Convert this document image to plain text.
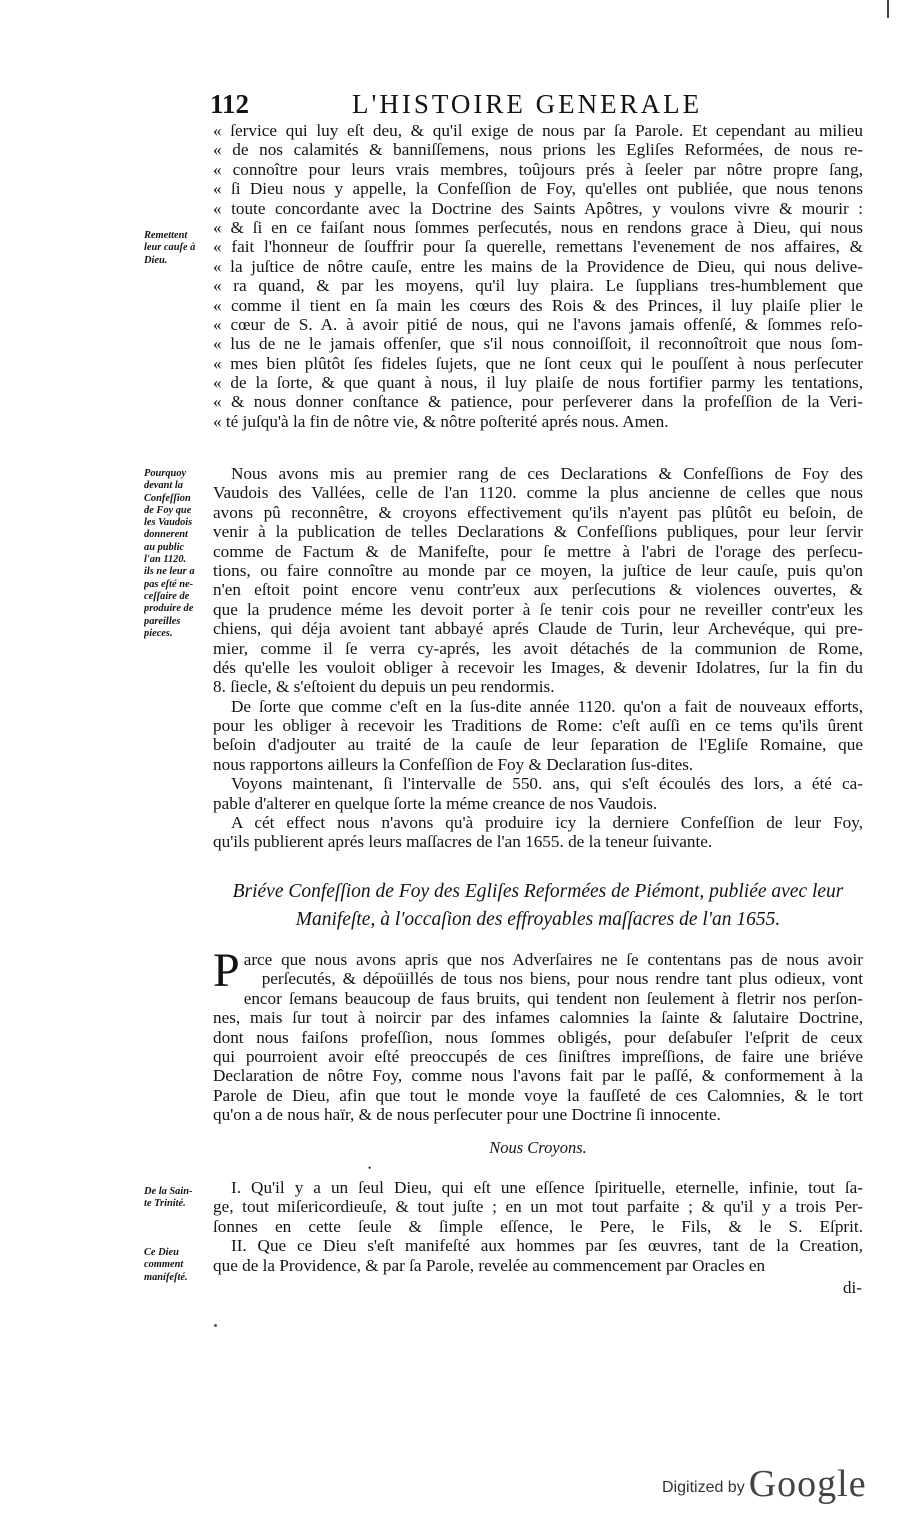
112	L'HISTOIRE GENERALE
« ſervice qui luy eſt deu, & qu'il exige de nous par ſa Parole. Et cependant au milieu
« de nos calamités & banniſſemens, nous prions les Egliſes Reformées, de nous re-
« connoître pour leurs vrais membres, toûjours prés à ſeeler par nôtre propre ſang,
« ſi Dieu nous y appelle, la Confeſſion de Foy, qu'elles ont publiée, que nous tenons
« toute concordante avec la Doctrine des Saints Apôtres, y voulons vivre & mourir :
« & ſi en ce faiſant nous ſommes perſecutés, nous en rendons grace à Dieu, qui nous
« fait l'honneur de ſouffrir pour ſa querelle, remettans l'evenement de nos affaires, &
« la juſtice de nôtre cauſe, entre les mains de la Providence de Dieu, qui nous delive-
« ra quand, & par les moyens, qu'il luy plaira. Le ſupplians tres-humblement que
« comme il tient en ſa main les cœurs des Rois & des Princes, il luy plaiſe plier le
« cœur de S. A. à avoir pitié de nous, qui ne l'avons jamais offenſé, & ſommes reſo-
« lus de ne le jamais offenſer, que s'il nous connoiſſoit, il reconnoîtroit que nous ſom-
« mes bien plûtôt ſes fideles ſujets, que ne ſont ceux qui le pouſſent à nous perſecuter
« de la ſorte, & que quant à nous, il luy plaiſe de nous fortifier parmy les tentations,
« & nous donner conſtance & patience, pour perſeverer dans la profeſſion de la Veri-
« té juſqu'à la fin de nôtre vie, & nôtre poſterité aprés nous. Amen.
Remettent
leur cauſe à
Dieu.
Pourquoy
devant la
Confeſſion
de Foy que
les Vaudois
donnerent
au public
l'an 1120.
ils ne leur a
pas eſté ne-
ceſſaire de
produire de
pareilles
pieces.
De la Sain-
te Trinité.
Ce Dieu
comment
manifeſté.
Nous avons mis au premier rang de ces Declarations & Confeſſions de Foy des
Vaudois des Vallées, celle de l'an 1120. comme la plus ancienne de celles que nous
avons pû reconnêtre, & croyons effectivement qu'ils n'ayent pas plûtôt eu beſoin, de
venir à la publication de telles Declarations & Confeſſions publiques, pour leur ſervir
comme de Factum & de Manifeſte, pour ſe mettre à l'abri de l'orage des perſecu-
tions, ou faire connoître au monde par ce moyen, la juſtice de leur cauſe, puis qu'on
n'en eſtoit point encore venu contr'eux aux perſecutions & violences ouvertes, &
que la prudence méme les devoit porter à ſe tenir cois pour ne reveiller contr'eux les
chiens, qui déja avoient tant abbayé aprés Claude de Turin, leur Archevéque, qui pre-
mier, comme il ſe verra cy-aprés, les avoit détachés de la communion de Rome,
dés qu'elle les vouloit obliger à recevoir les Images, & devenir Idolatres, ſur la fin du
8. ſiecle, & s'eſtoient du depuis un peu rendormis.
De ſorte que comme c'eſt en la ſus-dite année 1120. qu'on a fait de nouveaux efforts,
pour les obliger à recevoir les Traditions de Rome: c'eſt auſſi en ce tems qu'ils ûrent
beſoin d'adjouter au traité de la cauſe de leur ſeparation de l'Egliſe Romaine, que
nous rapportons ailleurs la Confeſſion de Foy & Declaration ſus-dites.
Voyons maintenant, ſi l'intervalle de 550. ans, qui s'eſt écoulés des lors, a été ca-
pable d'alterer en quelque ſorte la méme creance de nos Vaudois.
A cét effect nous n'avons qu'à produire icy la derniere Confeſſion de leur Foy,
qu'ils publierent aprés leurs maſſacres de l'an 1655. de la teneur ſuivante.
Briéve Confeſſion de Foy des Egliſes Reformées de Piémont, publiée avec leur
Manifeſte, à l'occaſion des effroyables maſſacres de l'an 1655.
P arce que nous avons apris que nos Adverſaires ne ſe contentans pas de nous avoir
perſecutés, & dépoüillés de tous nos biens, pour nous rendre tant plus odieux, vont
encor ſemans beaucoup de faus bruits, qui tendent non ſeulement à fletrir nos perſon-
nes, mais ſur tout à noircir par des infames calomnies la ſainte & ſalutaire Doctrine,
dont nous faiſons profeſſion, nous ſommes obligés, pour deſabuſer l'eſprit de ceux
qui pourroient avoir eſté preoccupés de ces ſiniſtres impreſſions, de faire une briéve
Declaration de nôtre Foy, comme nous l'avons fait par le paſſé, & conformement à la
Parole de Dieu, afin que tout le monde voye la fauſſeté de ces Calomnies, & le tort
qu'on a de nous haïr, & de nous perſecuter pour une Doctrine ſi innocente.
Nous Croyons.
•
I. Qu'il y a un ſeul Dieu, qui eſt une eſſence ſpirituelle, eternelle, infinie, tout ſa-
ge, tout miſericordieuſe, & tout juſte ; en un mot tout parfaite ; & qu'il y a trois Per-
ſonnes en cette ſeule & ſimple eſſence, le Pere, le Fils, & le S. Eſprit.
II. Que ce Dieu s'eſt manifeſté aux hommes par ſes œuvres, tant de la Creation,
que de la Providence, & par ſa Parole, revelée au commencement par Oracles en
di-
Digitized by Google
